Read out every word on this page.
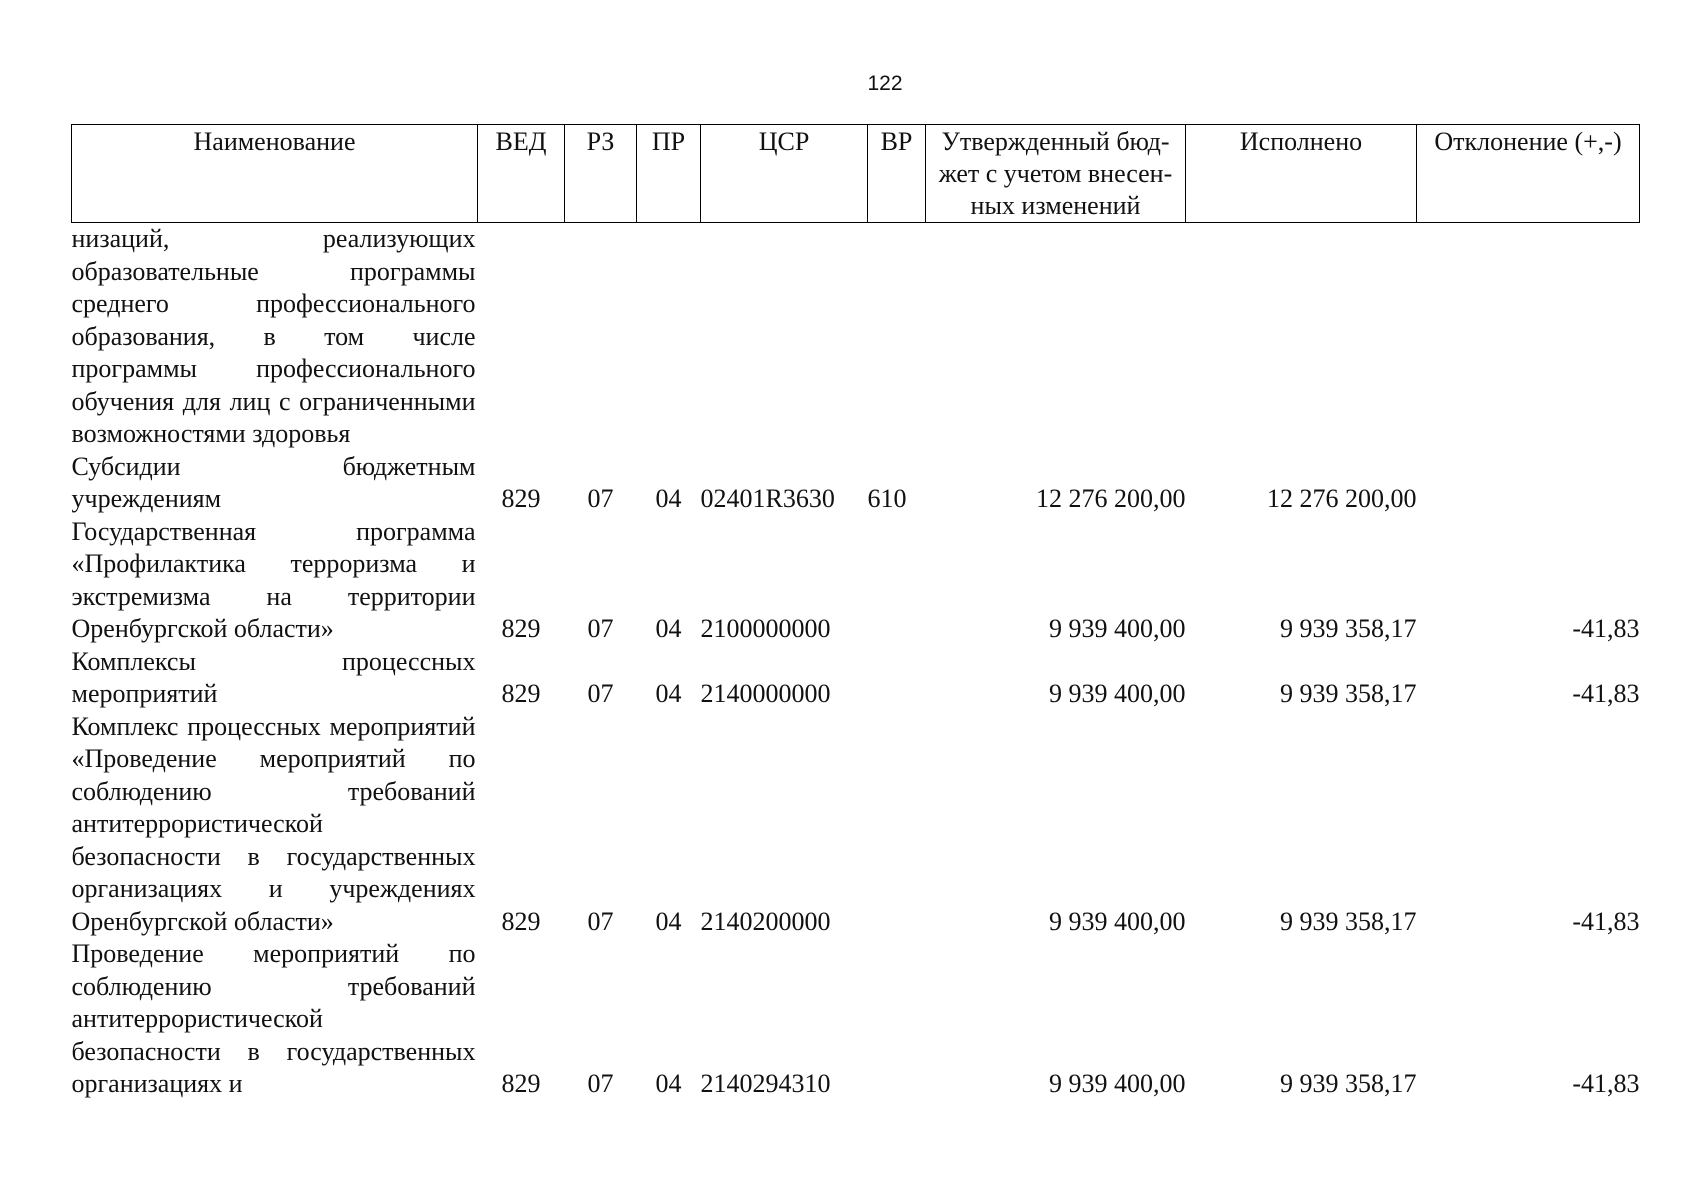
122
Наименование	ВЕД	РЗ	ПР	ЦСР	ВР	Утвержденный бюд-жет с учетом внесен-ных изменений	Исполнено	Отклонение (+,-)
низаций, реализующих образовательные программы среднего профессионального образования, в том числе программы профессионального обучения для лиц с ограниченными возможностями здоровья								
Субсидии бюджетным учреждениям	829	07	04	02401R3630	610	12 276 200,00	12 276 200,00	
Государственная программа «Профилактика терроризма и экстремизма на территории Оренбургской области»	829	07	04	2100000000		9 939 400,00	9 939 358,17	-41,83
Комплексы процессных мероприятий	829	07	04	2140000000		9 939 400,00	9 939 358,17	-41,83
Комплекс процессных мероприятий «Проведение мероприятий по соблюдению требований антитеррористической безопасности в государственных организациях и учреждениях Оренбургской области»	829	07	04	2140200000		9 939 400,00	9 939 358,17	-41,83
Проведение мероприятий по соблюдению требований антитеррористической безопасности в государственных организациях и	829	07	04	2140294310		9 939 400,00	9 939 358,17	-41,83
